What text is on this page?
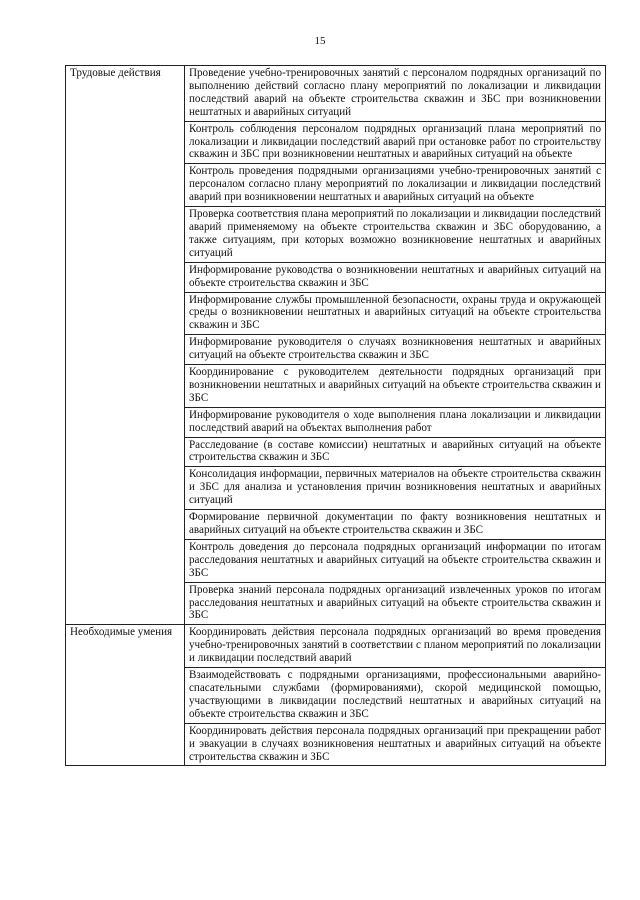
15
Трудовые действия	Проведение учебно-тренировочных занятий с персоналом подрядных организаций по выполнению действий согласно плану мероприятий по локализации и ликвидации последствий аварий на объекте строительства скважин и ЗБС при возникновении нештатных и аварийных ситуаций

	Контроль соблюдения персоналом подрядных организаций плана мероприятий по локализации и ликвидации последствий аварий при остановке работ по строительству скважин и ЗБС при возникновении нештатных и аварийных ситуаций на объекте

	Контроль проведения подрядными организациями учебно-тренировочных занятий с персоналом согласно плану мероприятий по локализации и ликвидации последствий аварий при возникновении нештатных и аварийных ситуаций на объекте

	Проверка соответствия плана мероприятий по локализации и ликвидации последствий аварий применяемому на объекте строительства скважин и ЗБС оборудованию, а также ситуациям, при которых возможно возникновение нештатных и аварийных ситуаций

	Информирование руководства о возникновении нештатных и аварийных ситуаций на объекте строительства скважин и ЗБС

	Информирование службы промышленной безопасности, охраны труда и окружающей среды о возникновении нештатных и аварийных ситуаций на объекте строительства скважин и ЗБС

	Информирование руководителя о случаях возникновения нештатных и аварийных ситуаций на объекте строительства скважин и ЗБС

	Координирование с руководителем деятельности подрядных организаций при возникновении нештатных и аварийных ситуаций на объекте строительства скважин и ЗБС

	Информирование руководителя о ходе выполнения плана локализации и ликвидации последствий аварий на объектах выполнения работ

	Расследование (в составе комиссии) нештатных и аварийных ситуаций на объекте строительства скважин и ЗБС

	Консолидация информации, первичных материалов на объекте строительства скважин и ЗБС для анализа и установления причин возникновения нештатных и аварийных ситуаций

	Формирование первичной документации по факту возникновения нештатных и аварийных ситуаций на объекте строительства скважин и ЗБС

	Контроль доведения до персонала подрядных организаций информации по итогам расследования нештатных и аварийных ситуаций на объекте строительства скважин и ЗБС

	Проверка знаний персонала подрядных организаций извлеченных уроков по итогам расследования нештатных и аварийных ситуаций на объекте строительства скважин и ЗБС

Необходимые умения	Координировать действия персонала подрядных организаций во время проведения учебно-тренировочных занятий в соответствии с планом мероприятий по локализации и ликвидации последствий аварий

	Взаимодействовать с подрядными организациями, профессиональными аварийно-спасательными службами (формированиями), скорой медицинской помощью, участвующими в ликвидации последствий нештатных и аварийных ситуаций на объекте строительства скважин и ЗБС

	Координировать действия персонала подрядных организаций при прекращении работ и эвакуации в случаях возникновения нештатных и аварийных ситуаций на объекте строительства скважин и ЗБС
